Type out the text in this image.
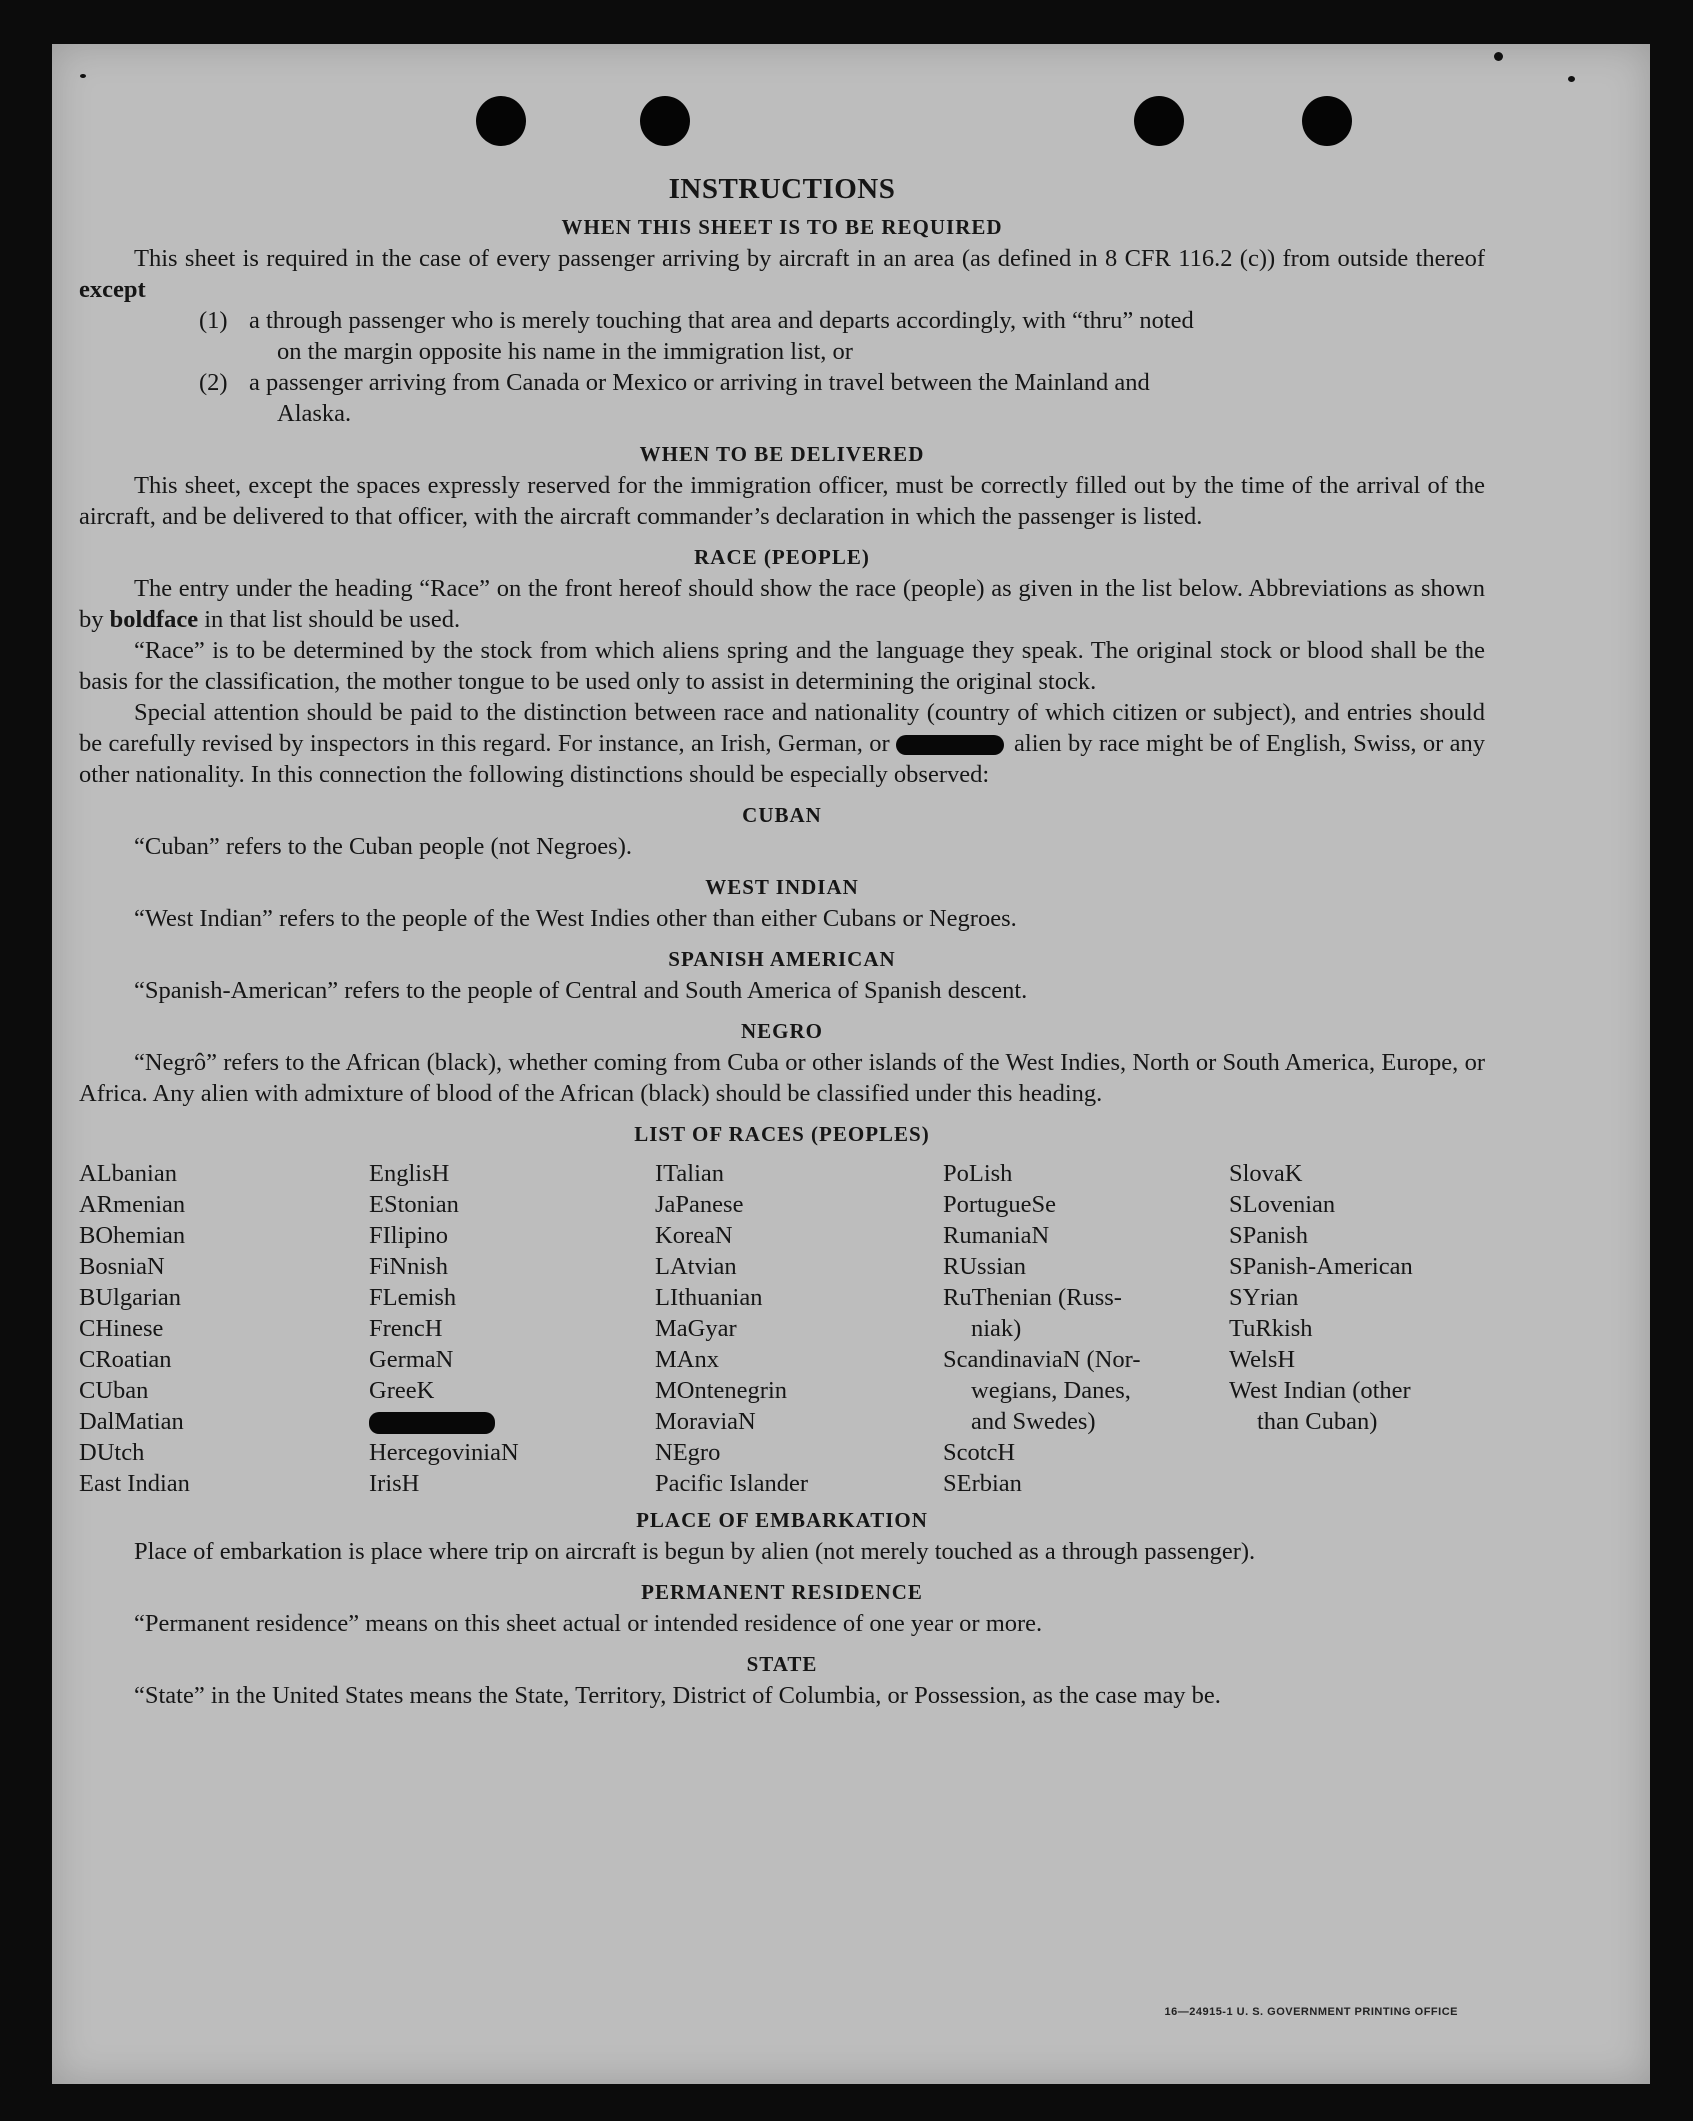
INSTRUCTIONS
WHEN THIS SHEET IS TO BE REQUIRED

This sheet is required in the case of every passenger arriving by aircraft in an area (as defined in 8 CFR 116.2 (c)) from outside thereof except

(1) a through passenger who is merely touching that area and departs accordingly, with “thru” noted
on the margin opposite his name in the immigration list, or
(2) a passenger arriving from Canada or Mexico or arriving in travel between the Mainland and
Alaska.
WHEN TO BE DELIVERED

This sheet, except the spaces expressly reserved for the immigration officer, must be correctly filled out by the time of the arrival of the aircraft, and be delivered to that officer, with the aircraft commander’s declaration in which the passenger is listed.

RACE (PEOPLE)

The entry under the heading “Race” on the front hereof should show the race (people) as given in the list below. Abbreviations as shown by boldface in that list should be used.

“Race” is to be determined by the stock from which aliens spring and the language they speak. The original stock or blood shall be the basis for the classification, the mother tongue to be used only to assist in determining the original stock.

Special attention should be paid to the distinction between race and nationality (country of which citizen or subject), and entries should be carefully revised by inspectors in this regard. For instance, an Irish, German, or	alien by race might be of English, Swiss, or any other nationality. In this connection the following distinctions should be especially observed:

CUBAN

“Cuban” refers to the Cuban people (not Negroes).

WEST INDIAN

“West Indian” refers to the people of the West Indies other than either Cubans or Negroes.

SPANISH AMERICAN

“Spanish-American” refers to the people of Central and South America of Spanish descent.

NEGRO

“Negrô” refers to the African (black), whether coming from Cuba or other islands of the West Indies, North or South America, Europe, or Africa. Any alien with admixture of blood of the African (black) should be classified under this heading.

LIST OF RACES (PEOPLES)
ALbanian
ARmenian
BOhemian
BosniaN
BUlgarian
CHinese
CRoatian
CUban
DalMatian
DUtch
East Indian
EnglisH
EStonian
FIlipino
FiNnish
FLemish
FrencH
GermaN
GreeK
HercegoviniaN
IrisH
ITalian
JaPanese
KoreaN
LAtvian
LIthuanian
MaGyar
MAnx
MOntenegrin
MoraviaN
NEgro
Pacific Islander
PoLish
PortugueSe
RumaniaN
RUssian
RuThenian (Russ-
niak)
ScandinaviaN (Nor-
wegians, Danes,
and Swedes)
ScotcH
SErbian
SlovaK
SLovenian
SPanish
SPanish-American
SYrian
TuRkish
WelsH
West Indian (other
than Cuban)
PLACE OF EMBARKATION

Place of embarkation is place where trip on aircraft is begun by alien (not merely touched as a through passenger).

PERMANENT RESIDENCE

“Permanent residence” means on this sheet actual or intended residence of one year or more.

STATE

“State” in the United States means the State, Territory, District of Columbia, or Possession, as the case may be.

16—24915-1 U. S. GOVERNMENT PRINTING OFFICE
